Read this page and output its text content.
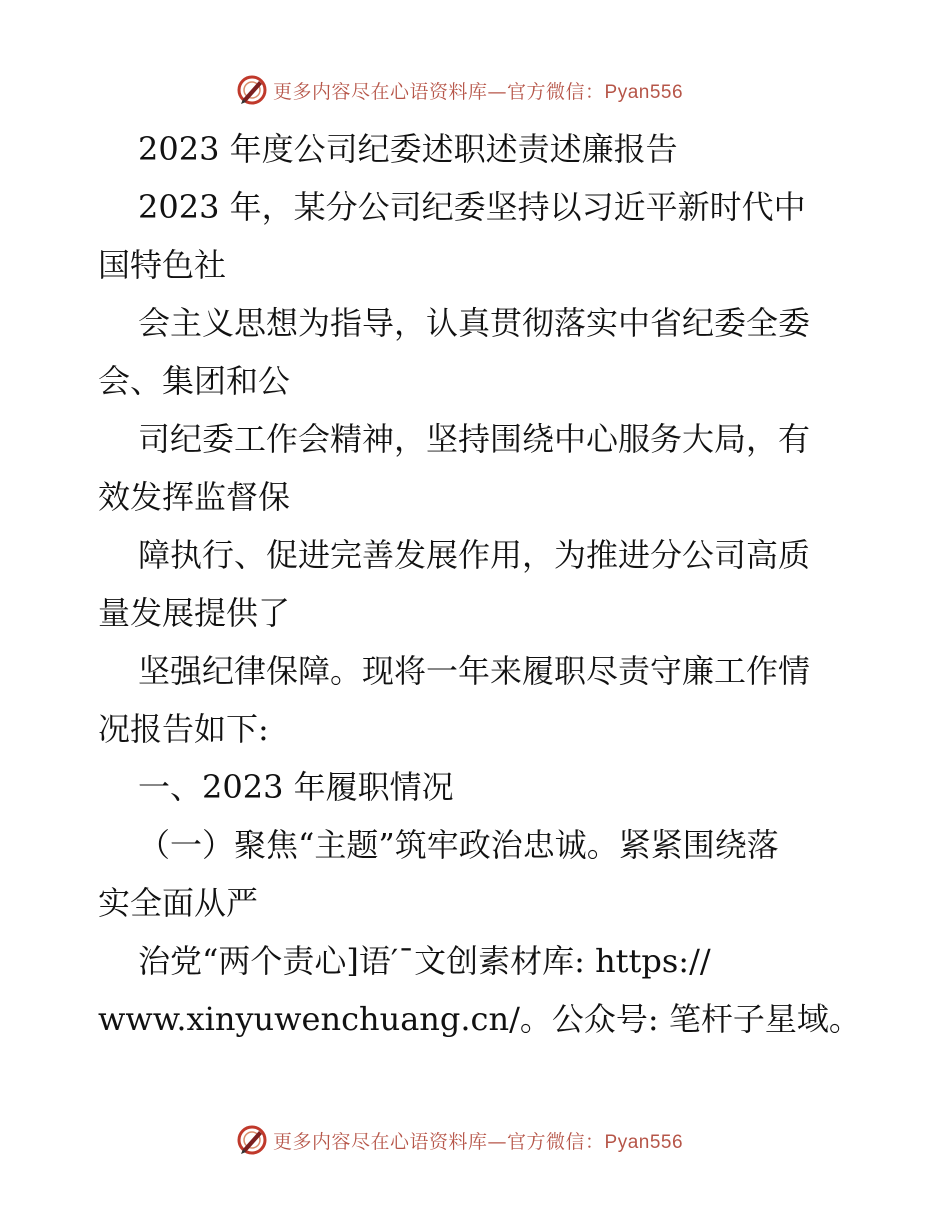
更多内容尽在心语资料库—官方微信：Pyan556
2023 年度公司纪委述职述责述廉报告
2023 年，某分公司纪委坚持以习近平新时代中
国特色社
会主义思想为指导，认真贯彻落实中省纪委全委
会、集团和公
司纪委工作会精神，坚持围绕中心服务大局，有
效发挥监督保
障执行、促进完善发展作用，为推进分公司高质
量发展提供了
坚强纪律保障。现将一年来履职尽责守廉工作情
况报告如下:
一、2023 年履职情况
（一）聚焦“主题”筑牢政治忠诚。紧紧围绕落
实全面从严
治党“两个责心]语′¯文创素材库: https://
www.xinyuwenchuang.cn/。公众号: 笔杆子星域。
更多内容尽在心语资料库—官方微信：Pyan556
